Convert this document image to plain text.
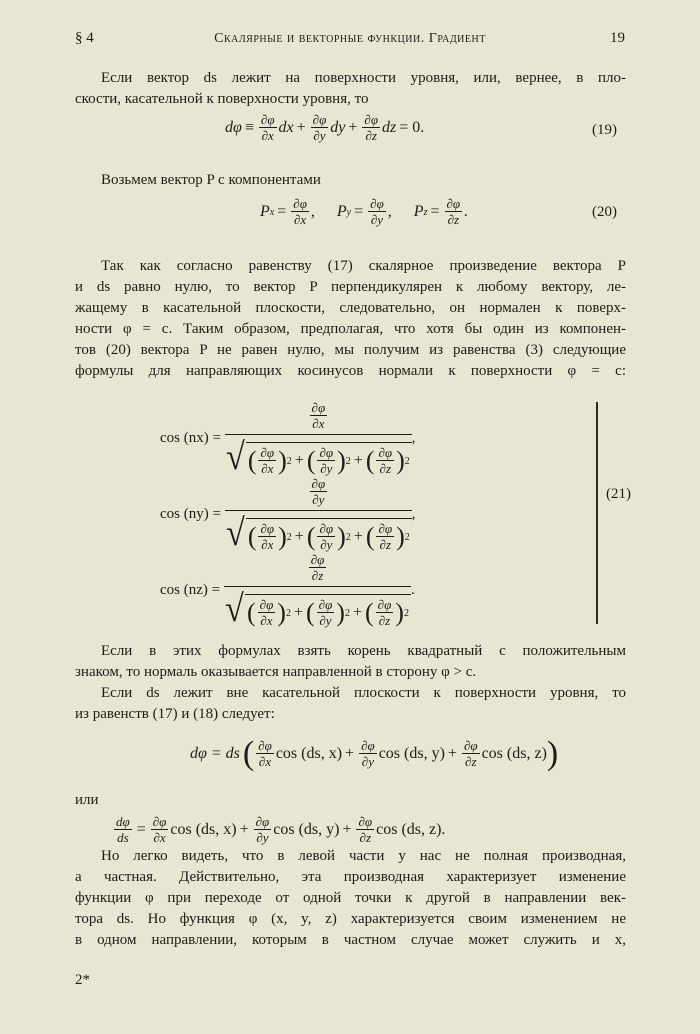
§ 4	Скалярные и векторные функции. Градиент	19
Если вектор ds лежит на поверхности уровня, или, вернее, в пло-
скости, касательной к поверхности уровня, то
$d\varphi \equiv \frac{\partial\varphi}{\partial x}$ dx + $\frac{\partial\varphi}{\partial y}$ dy + $\frac{\partial\varphi}{\partial z}$ dz = 0.	(19)
Возьмем вектор P с компонентами
P $x = \frac{\partial\varphi}{\partial x}$ , P $y = \frac{\partial\varphi}{\partial y}$ , P $z = \frac{\partial\varphi}{\partial z}$ .	(20)
Так как согласно равенству (17) скалярное произведение вектора P
и ds равно нулю, то вектор P перпендикулярен к любому вектору, ле-
жащему в касательной плоскости, следовательно, он нормален к поверх-
ности φ = c. Таким образом, предполагая, что хотя бы один из компонен-
тов (20) вектора P не равен нулю, мы получим из равенства (3) следующие
формулы для направляющих косинусов нормали к поверхности φ = c:
cos (nx) =
$\frac{\partial\varphi}{\partial x}$
√ ( $\frac{\partial\varphi}{\partial x}$ ) 2 + ( $\frac{\partial\varphi}{\partial y}$ ) 2 + ( $\frac{\partial\varphi}{\partial z}$ ) 2
,
cos (ny) =
$\frac{\partial\varphi}{\partial y}$
√ ( $\frac{\partial\varphi}{\partial x}$ ) 2 + ( $\frac{\partial\varphi}{\partial y}$ ) 2 + ( $\frac{\partial\varphi}{\partial z}$ ) 2
,
cos (nz) =
$\frac{\partial\varphi}{\partial z}$
√ ( $\frac{\partial\varphi}{\partial x}$ ) 2 + ( $\frac{\partial\varphi}{\partial y}$ ) 2 + ( $\frac{\partial\varphi}{\partial z}$ ) 2
.
(21)
Если в этих формулах взять корень квадратный с положительным
знаком, то нормаль оказывается направленной в сторону φ > c.
Если ds лежит вне касательной плоскости к поверхности уровня, то
из равенств (17) и (18) следует:
dφ = ds ( $\frac{\partial\varphi}{\partial x}$ cos (ds, $x) + \frac{\partial\varphi}{\partial y}$ cos (ds, $y) + \frac{\partial\varphi}{\partial z}$ cos (ds, z) )
или
$\frac{d\varphi}{ds} = \frac{\partial\varphi}{\partial x}$ cos (ds, $x) + \frac{\partial\varphi}{\partial y}$ cos (ds, $y) + \frac{\partial\varphi}{\partial z}$ cos (ds, z).
Но легко видеть, что в левой части у нас не полная производная,
а частная. Действительно, эта производная характеризует изменение
функции φ при переходе от одной точки к другой в направлении век-
тора ds. Но функция φ (x, y, z) характеризуется своим изменением не
в одном направлении, которым в частном случае может служить и x,
2*
